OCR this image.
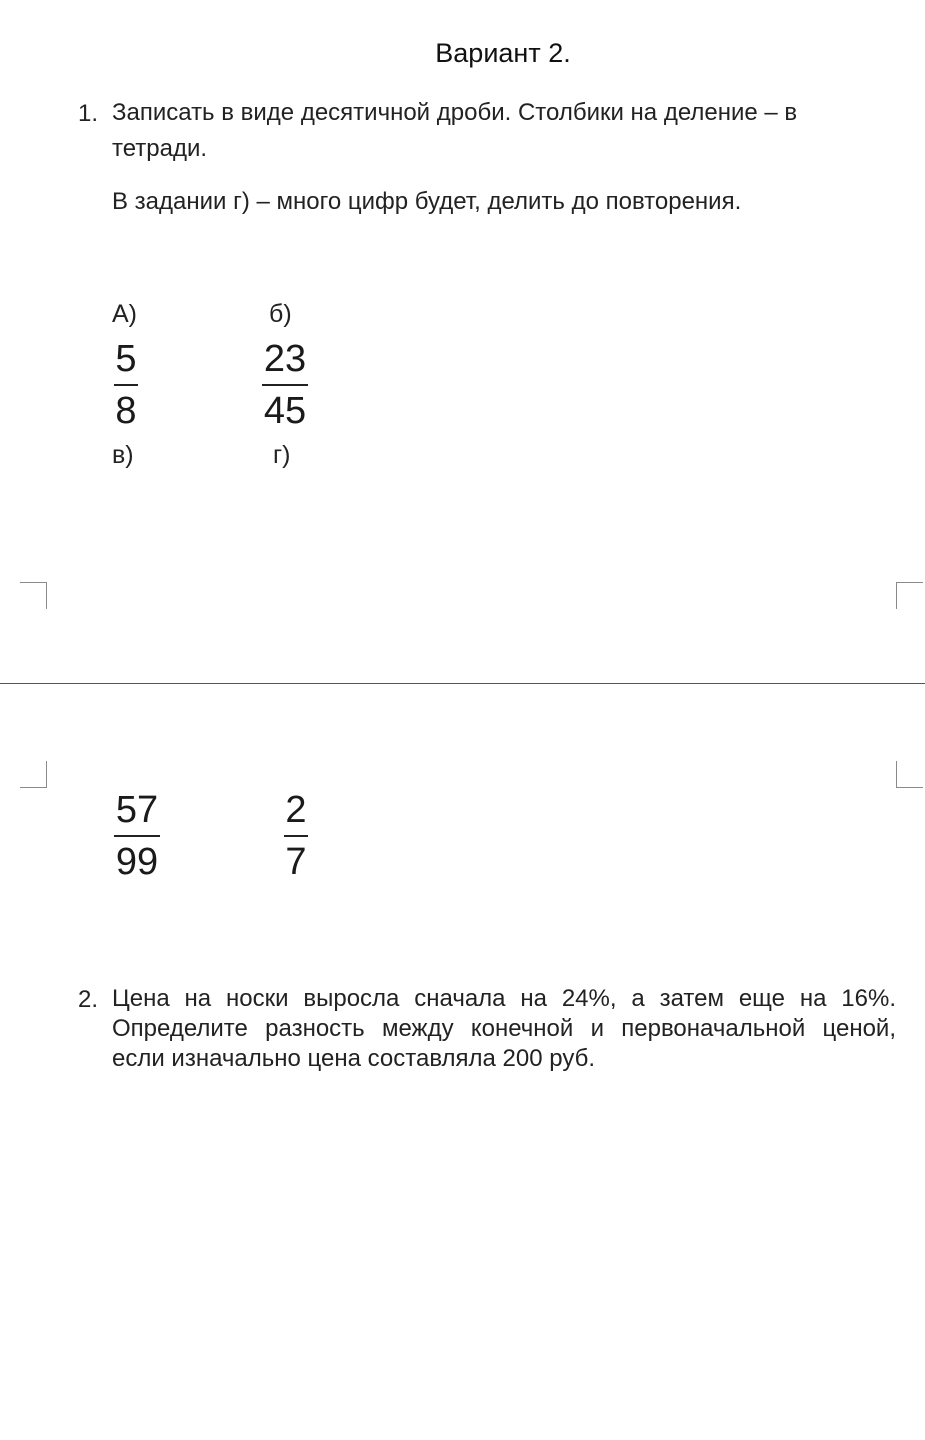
Вариант 2.
1. Записать в виде десятичной дроби. Столбики на деление – в
тетради.
В задании г) – много цифр будет, делить до повторения.
А)	б)
5
8
23
45
в)	г)
57
99
2
7
2. Цена на носки выросла сначала на 24%, а затем еще на 16%.
Определите разность между конечной и первоначальной ценой,
если изначально цена составляла 200 руб.
